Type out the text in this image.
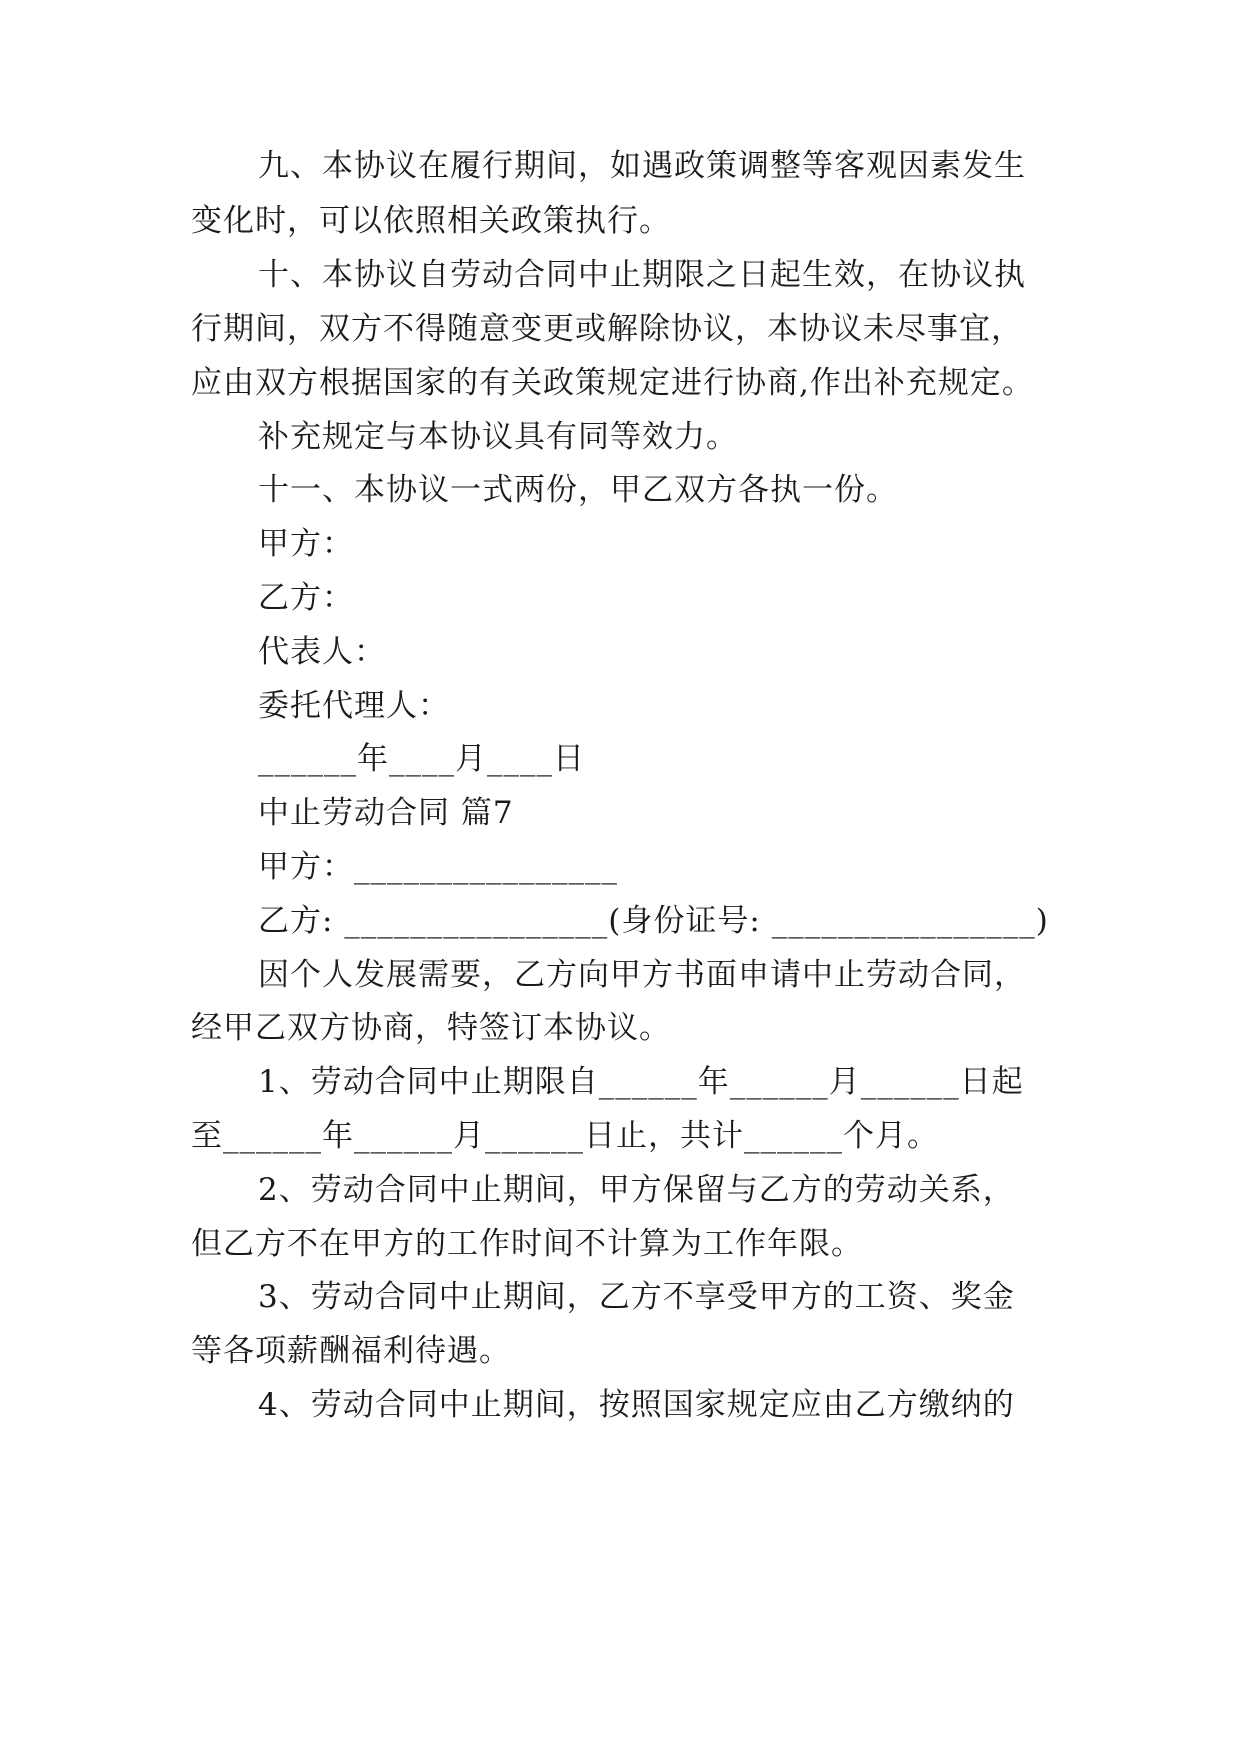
九、本协议在履行期间，如遇政策调整等客观因素发生
变化时，可以依照相关政策执行。
十、本协议自劳动合同中止期限之日起生效，在协议执
行期间，双方不得随意变更或解除协议，本协议未尽事宜，
应由双方根据国家的有关政策规定进行协商,作出补充规定。
补充规定与本协议具有同等效力。
十一、本协议一式两份，甲乙双方各执一份。
甲方：
乙方：
代表人：
委托代理人：
______年____月____日
中止劳动合同 篇7
甲方：________________
乙方: ________________(身份证号: ________________)
因个人发展需要，乙方向甲方书面申请中止劳动合同，
经甲乙双方协商，特签订本协议。
1、劳动合同中止期限自______年______月______日起
至______年______月______日止，共计______个月。
2、劳动合同中止期间，甲方保留与乙方的劳动关系，
但乙方不在甲方的工作时间不计算为工作年限。
3、劳动合同中止期间，乙方不享受甲方的工资、奖金
等各项薪酬福利待遇。
4、劳动合同中止期间，按照国家规定应由乙方缴纳的
